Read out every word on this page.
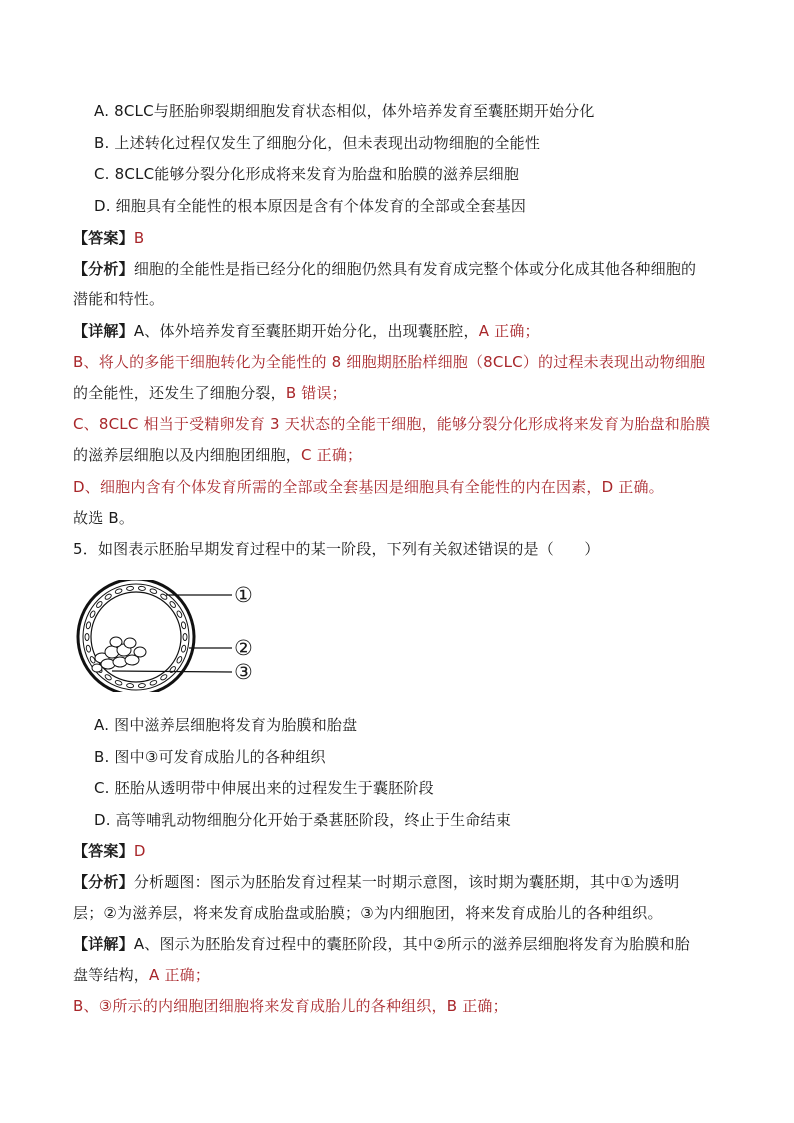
A. 8CLC与胚胎卵裂期细胞发育状态相似，体外培养发育至囊胚期开始分化
B. 上述转化过程仅发生了细胞分化，但未表现出动物细胞的全能性
C. 8CLC能够分裂分化形成将来发育为胎盘和胎膜的滋养层细胞
D. 细胞具有全能性的根本原因是含有个体发育的全部或全套基因
【答案】B
【分析】细胞的全能性是指已经分化的细胞仍然具有发育成完整个体或分化成其他各种细胞的
潜能和特性。
【详解】A、体外培养发育至囊胚期开始分化，出现囊胚腔，A 正确；
B、将人的多能干细胞转化为全能性的 8 细胞期胚胎样细胞（8CLC）的过程未表现出动物细胞
的全能性，还发生了细胞分裂，B 错误；
C、8CLC 相当于受精卵发育 3 天状态的全能干细胞，能够分裂分化形成将来发育为胎盘和胎膜
的滋养层细胞以及内细胞团细胞，C 正确；
D、细胞内含有个体发育所需的全部或全套基因是细胞具有全能性的内在因素，D 正确。
故选 B。
5．如图表示胚胎早期发育过程中的某一阶段，下列有关叙述错误的是（　　）
①
②
③
A. 图中滋养层细胞将发育为胎膜和胎盘
B. 图中③可发育成胎儿的各种组织
C. 胚胎从透明带中伸展出来的过程发生于囊胚阶段
D. 高等哺乳动物细胞分化开始于桑葚胚阶段，终止于生命结束
【答案】D
【分析】分析题图：图示为胚胎发育过程某一时期示意图，该时期为囊胚期，其中①为透明
层；②为滋养层，将来发育成胎盘或胎膜；③为内细胞团，将来发育成胎儿的各种组织。
【详解】A、图示为胚胎发育过程中的囊胚阶段，其中②所示的滋养层细胞将发育为胎膜和胎
盘等结构，A 正确；
B、③所示的内细胞团细胞将来发育成胎儿的各种组织，B 正确；
